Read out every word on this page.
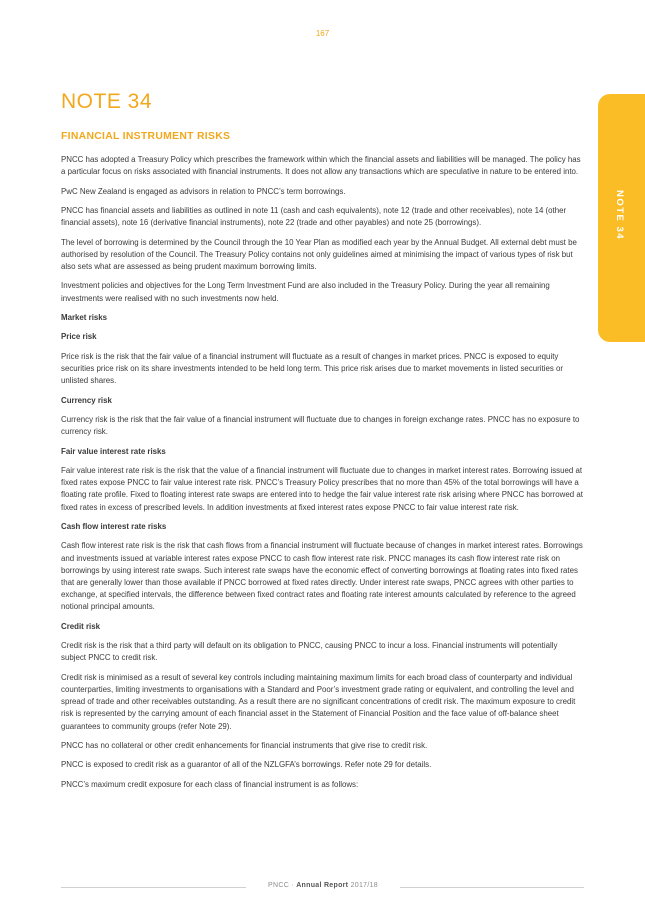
167
NOTE 34
FINANCIAL INSTRUMENT RISKS
NOTE 34

PNCC has adopted a Treasury Policy which prescribes the framework within which the financial assets and liabilities will be managed. The policy has a particular focus on risks associated with financial instruments. It does not allow any transactions which are speculative in nature to be entered into.

PwC New Zealand is engaged as advisors in relation to PNCC’s term borrowings.

PNCC has financial assets and liabilities as outlined in note 11 (cash and cash equivalents), note 12 (trade and other receivables), note 14 (other financial assets), note 16 (derivative financial instruments), note 22 (trade and other payables) and note 25 (borrowings).

The level of borrowing is determined by the Council through the 10 Year Plan as modified each year by the Annual Budget. All external debt must be authorised by resolution of the Council. The Treasury Policy contains not only guidelines aimed at minimising the impact of various types of risk but also sets what are assessed as being prudent maximum borrowing limits.

Investment policies and objectives for the Long Term Investment Fund are also included in the Treasury Policy. During the year all remaining investments were realised with no such investments now held.

Market risks

Price risk

Price risk is the risk that the fair value of a financial instrument will fluctuate as a result of changes in market prices. PNCC is exposed to equity securities price risk on its share investments intended to be held long term. This price risk arises due to market movements in listed securities or unlisted shares.

Currency risk

Currency risk is the risk that the fair value of a financial instrument will fluctuate due to changes in foreign exchange rates. PNCC has no exposure to currency risk.

Fair value interest rate risks

Fair value interest rate risk is the risk that the value of a financial instrument will fluctuate due to changes in market interest rates. Borrowing issued at fixed rates expose PNCC to fair value interest rate risk. PNCC’s Treasury Policy prescribes that no more than 45% of the total borrowings will have a floating rate profile. Fixed to floating interest rate swaps are entered into to hedge the fair value interest rate risk arising where PNCC has borrowed at fixed rates in excess of prescribed levels. In addition investments at fixed interest rates expose PNCC to fair value interest rate risk.

Cash flow interest rate risks

Cash flow interest rate risk is the risk that cash flows from a financial instrument will fluctuate because of changes in market interest rates. Borrowings and investments issued at variable interest rates expose PNCC to cash flow interest rate risk. PNCC manages its cash flow interest rate risk on borrowings by using interest rate swaps. Such interest rate swaps have the economic effect of converting borrowings at floating rates into fixed rates that are generally lower than those available if PNCC borrowed at fixed rates directly. Under interest rate swaps, PNCC agrees with other parties to exchange, at specified intervals, the difference between fixed contract rates and floating rate interest amounts calculated by reference to the agreed notional principal amounts.

Credit risk

Credit risk is the risk that a third party will default on its obligation to PNCC, causing PNCC to incur a loss. Financial instruments will potentially subject PNCC to credit risk.

Credit risk is minimised as a result of several key controls including maintaining maximum limits for each broad class of counterparty and individual counterparties, limiting investments to organisations with a Standard and Poor’s investment grade rating or equivalent, and controlling the level and spread of trade and other receivables outstanding. As a result there are no significant concentrations of credit risk. The maximum exposure to credit risk is represented by the carrying amount of each financial asset in the Statement of Financial Position and the face value of off-balance sheet guarantees to community groups (refer Note 29).

PNCC has no collateral or other credit enhancements for financial instruments that give rise to credit risk.

PNCC is exposed to credit risk as a guarantor of all of the NZLGFA’s borrowings. Refer note 29 for details.

PNCC’s maximum credit exposure for each class of financial instrument is as follows:

PNCC · Annual Report 2017/18
